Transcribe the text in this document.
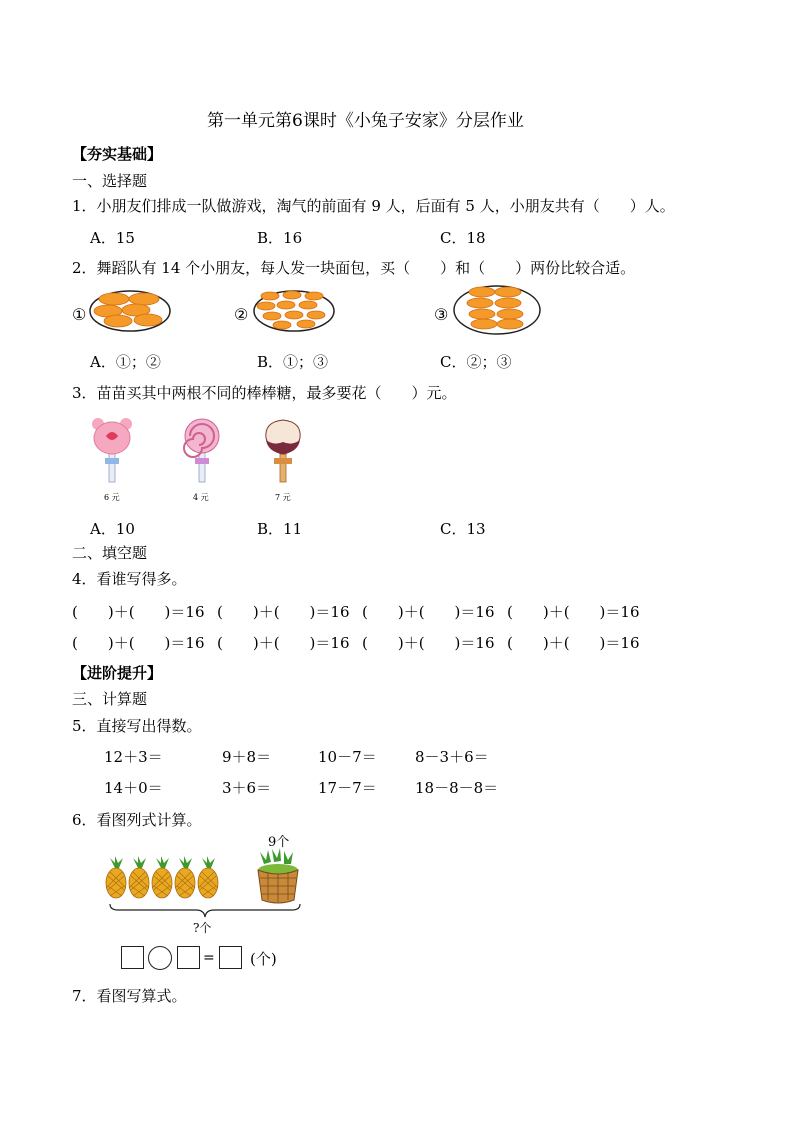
第一单元第6课时《小兔子安家》分层作业
【夯实基础】
一、选择题
1．小朋友们排成一队做游戏，淘气的前面有 9 人，后面有 5 人，小朋友共有（　　）人。
A．15	B．16	C．18
2．舞蹈队有 14 个小朋友，每人发一块面包，买（　　）和（　　）两份比较合适。
①	②	③
A．①；②	B．①；③	C．②；③
3．苗苗买其中两根不同的棒棒糖，最多要花（　　）元。
6 元	4 元	7 元
A．10	B．11	C．13
二、填空题
4．看谁写得多。
(　　)＋(　　)＝16 (　　)＋(　　)＝16 (　　)＋(　　)＝16 (　　)＋(　　)＝16
(　　)＋(　　)＝16 (　　)＋(　　)＝16 (　　)＋(　　)＝16 (　　)＋(　　)＝16
【进阶提升】
三、计算题
5．直接写出得数。
12＋3＝	9＋8＝	10－7＝	8－3＋6＝
14＋0＝	3＋6＝	17－7＝	18－8－8＝
6．看图列式计算。
9个
?个
= (个)
7．看图写算式。
